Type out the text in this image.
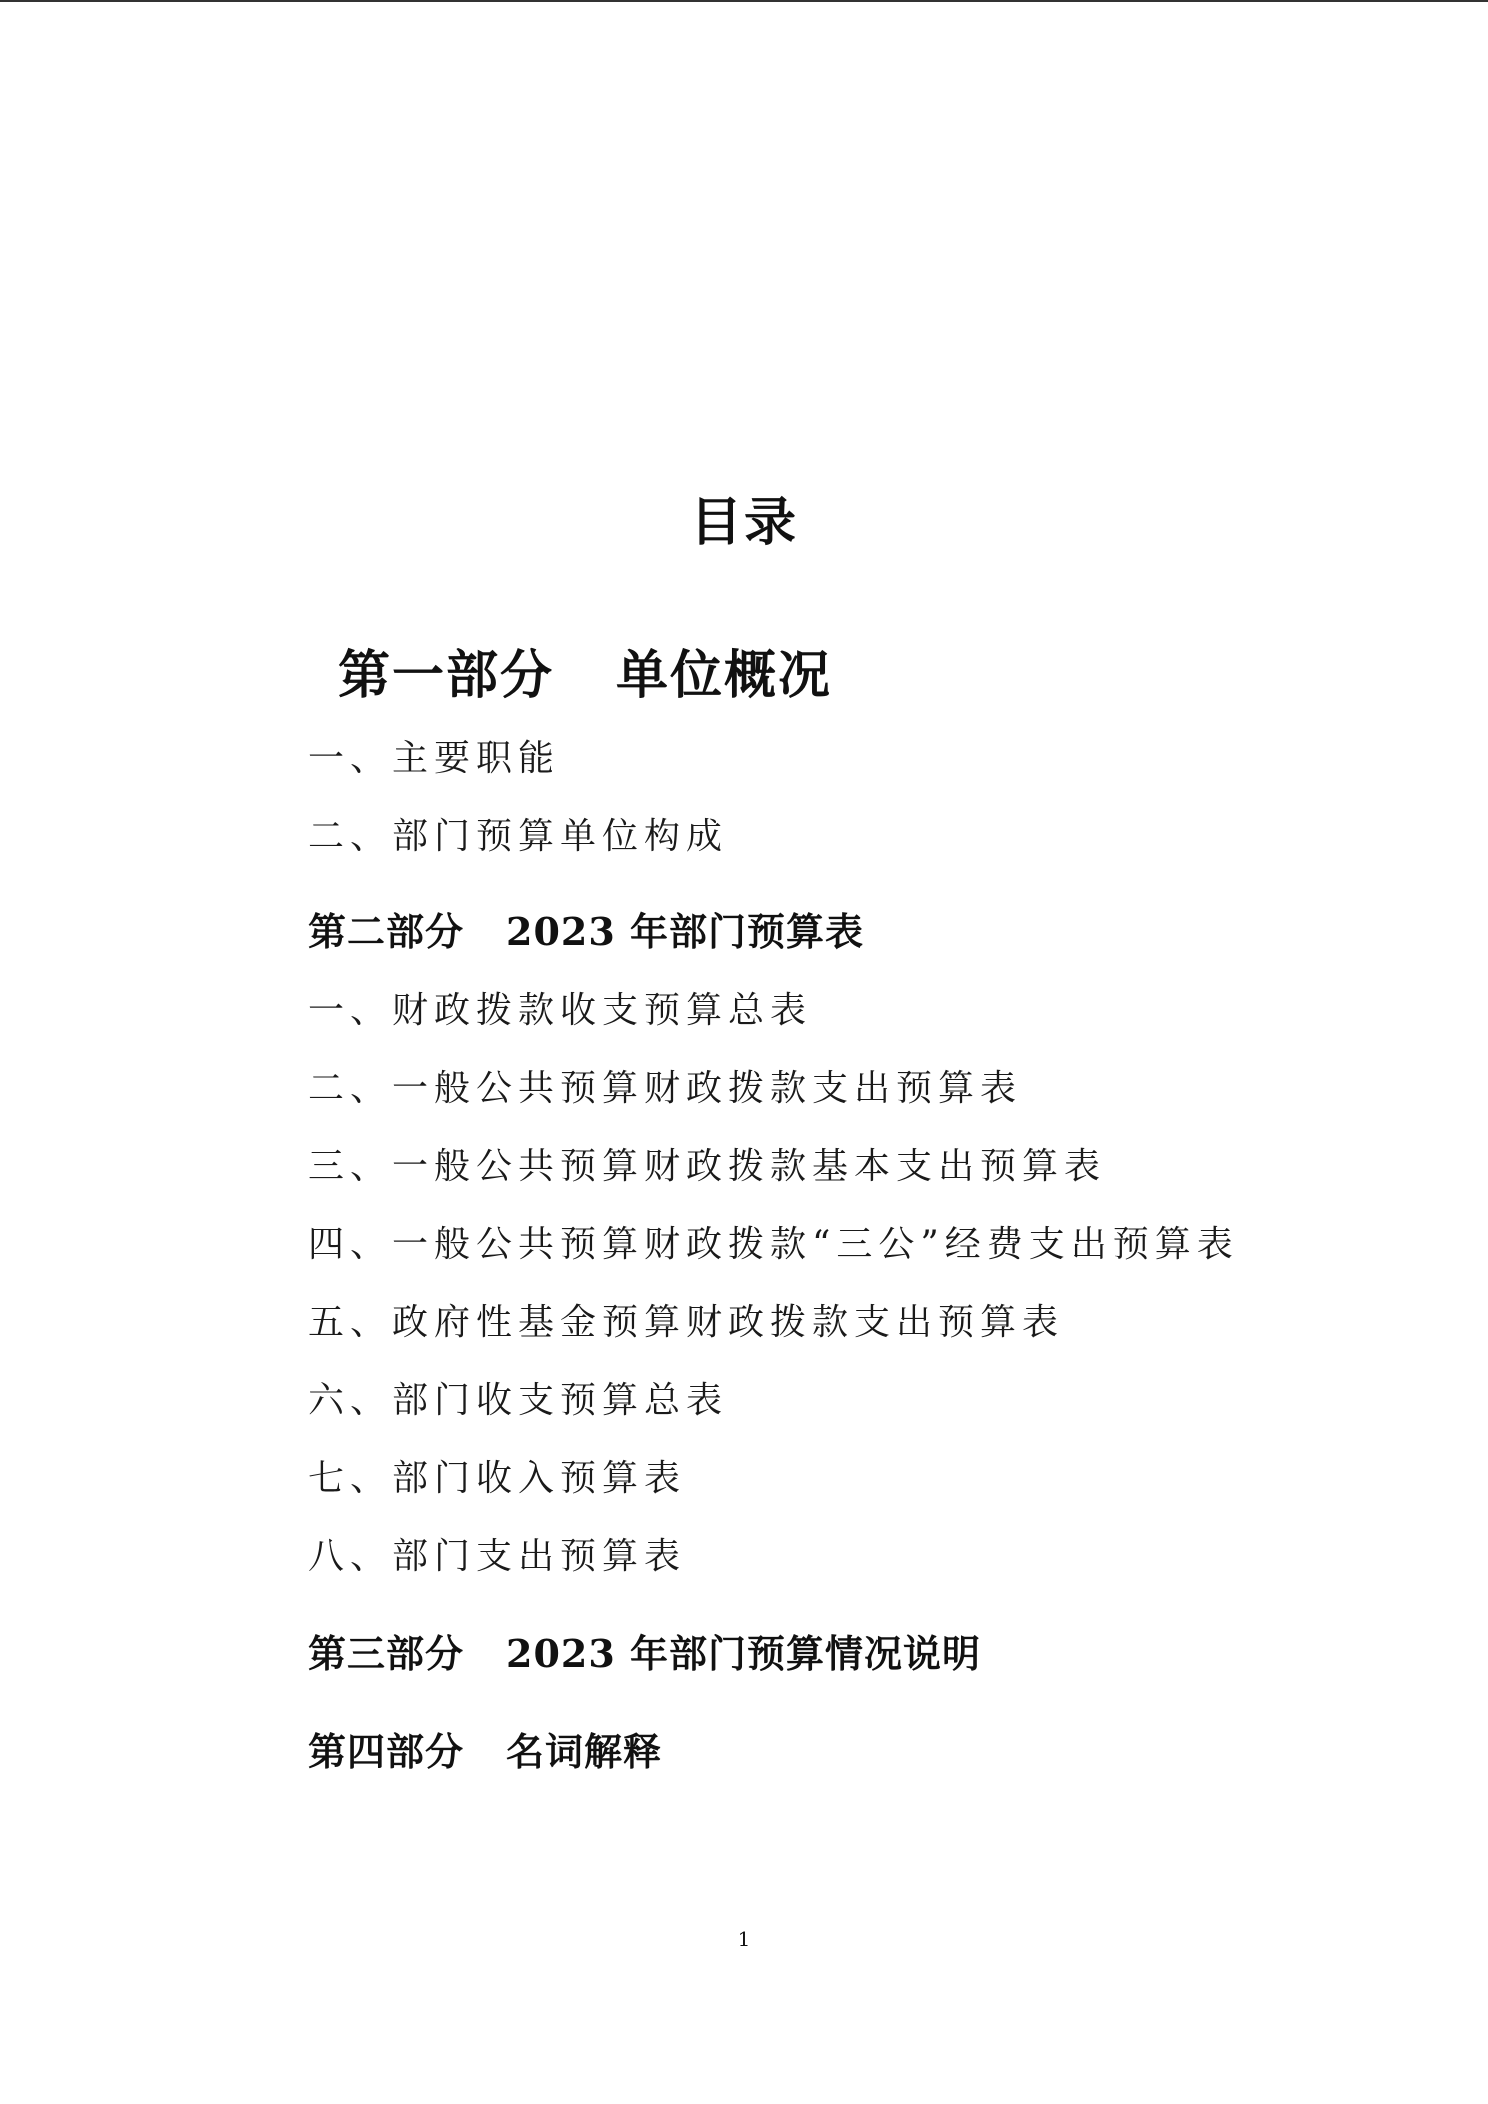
目录
第一部分 单位概况

一、主要职能

二、部门预算单位构成

第二部分 2023 年部门预算表

一、财政拨款收支预算总表

二、一般公共预算财政拨款支出预算表

三、一般公共预算财政拨款基本支出预算表

四、一般公共预算财政拨款“三公”经费支出预算表

五、政府性基金预算财政拨款支出预算表

六、部门收支预算总表

七、部门收入预算表

八、部门支出预算表

第三部分 2023 年部门预算情况说明
第四部分 名词解释

1
